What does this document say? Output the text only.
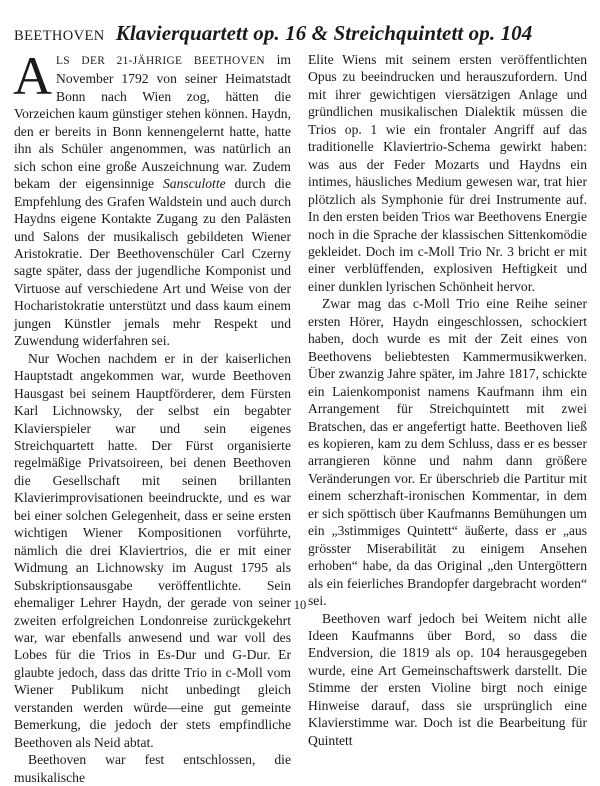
BEETHOVEN Klavierquartett op. 16 & Streichquintett op. 104

ALS DER 21-JÄHRIGE BEETHOVEN im November 1792 von seiner Heimatstadt Bonn nach Wien zog, hätten die Vorzeichen kaum günstiger stehen können. Haydn, den er bereits in Bonn kennengelernt hatte, hatte ihn als Schüler angenommen, was natürlich an sich schon eine große Auszeichnung war. Zudem bekam der eigensinnige Sansculotte durch die Empfehlung des Grafen Waldstein und auch durch Haydns eigene Kontakte Zugang zu den Palästen und Salons der musikalisch gebildeten Wiener Aristokratie. Der Beethovenschüler Carl Czerny sagte später, dass der jugendliche Komponist und Virtuose auf verschiedene Art und Weise von der Hocharistokratie unterstützt und dass kaum einem jungen Künstler jemals mehr Respekt und Zuwendung widerfahren sei.

Nur Wochen nachdem er in der kaiserlichen Hauptstadt angekommen war, wurde Beethoven Hausgast bei seinem Hauptförderer, dem Fürsten Karl Lichnowsky, der selbst ein begabter Klavierspieler war und sein eigenes Streichquartett hatte. Der Fürst organisierte regelmäßige Privatsoireen, bei denen Beethoven die Gesellschaft mit seinen brillanten Klavierimprovisationen beeindruckte, und es war bei einer solchen Gelegenheit, dass er seine ersten wichtigen Wiener Kompositionen vorführte, nämlich die drei Klaviertrios, die er mit einer Widmung an Lichnowsky im August 1795 als Subskriptionsausgabe veröffentlichte. Sein ehemaliger Lehrer Haydn, der gerade von seiner zweiten erfolgreichen Londonreise zurückgekehrt war, war ebenfalls anwesend und war voll des Lobes für die Trios in Es-Dur und G-Dur. Er glaubte jedoch, dass das dritte Trio in c-Moll vom Wiener Publikum nicht unbedingt gleich verstanden werden würde—eine gut gemeinte Bemerkung, die jedoch der stets empfindliche Beethoven als Neid abtat.

Beethoven war fest entschlossen, die musikalische

Elite Wiens mit seinem ersten veröffentlichten Opus zu beeindrucken und herauszufordern. Und mit ihrer gewichtigen viersätzigen Anlage und gründlichen musikalischen Dialektik müssen die Trios op. 1 wie ein frontaler Angriff auf das traditionelle Klaviertrio-Schema gewirkt haben: was aus der Feder Mozarts und Haydns ein intimes, häusliches Medium gewesen war, trat hier plötzlich als Symphonie für drei Instrumente auf. In den ersten beiden Trios war Beethovens Energie noch in die Sprache der klassischen Sittenkomödie gekleidet. Doch im c-Moll Trio Nr. 3 bricht er mit einer verblüffenden, explosiven Heftigkeit und einer dunklen lyrischen Schönheit hervor.

Zwar mag das c-Moll Trio eine Reihe seiner ersten Hörer, Haydn eingeschlossen, schockiert haben, doch wurde es mit der Zeit eines von Beethovens beliebtesten Kammermusikwerken. Über zwanzig Jahre später, im Jahre 1817, schickte ein Laienkomponist namens Kaufmann ihm ein Arrangement für Streichquintett mit zwei Bratschen, das er angefertigt hatte. Beethoven ließ es kopieren, kam zu dem Schluss, dass er es besser arrangieren könne und nahm dann größere Veränderungen vor. Er überschrieb die Partitur mit einem scherzhaft-ironischen Kommentar, in dem er sich spöttisch über Kaufmanns Bemühungen um ein „3stimmiges Quintett“ äußerte, dass er „aus grösster Miserabilität zu einigem Ansehen erhoben“ habe, da das Original „den Untergöttern als ein feierliches Brandopfer dargebracht worden“ sei.

Beethoven warf jedoch bei Weitem nicht alle Ideen Kaufmanns über Bord, so dass die Endversion, die 1819 als op. 104 herausgegeben wurde, eine Art Gemeinschaftswerk darstellt. Die Stimme der ersten Violine birgt noch einige Hinweise darauf, dass sie ursprünglich eine Klavierstimme war. Doch ist die Bearbeitung für Quintett

10
